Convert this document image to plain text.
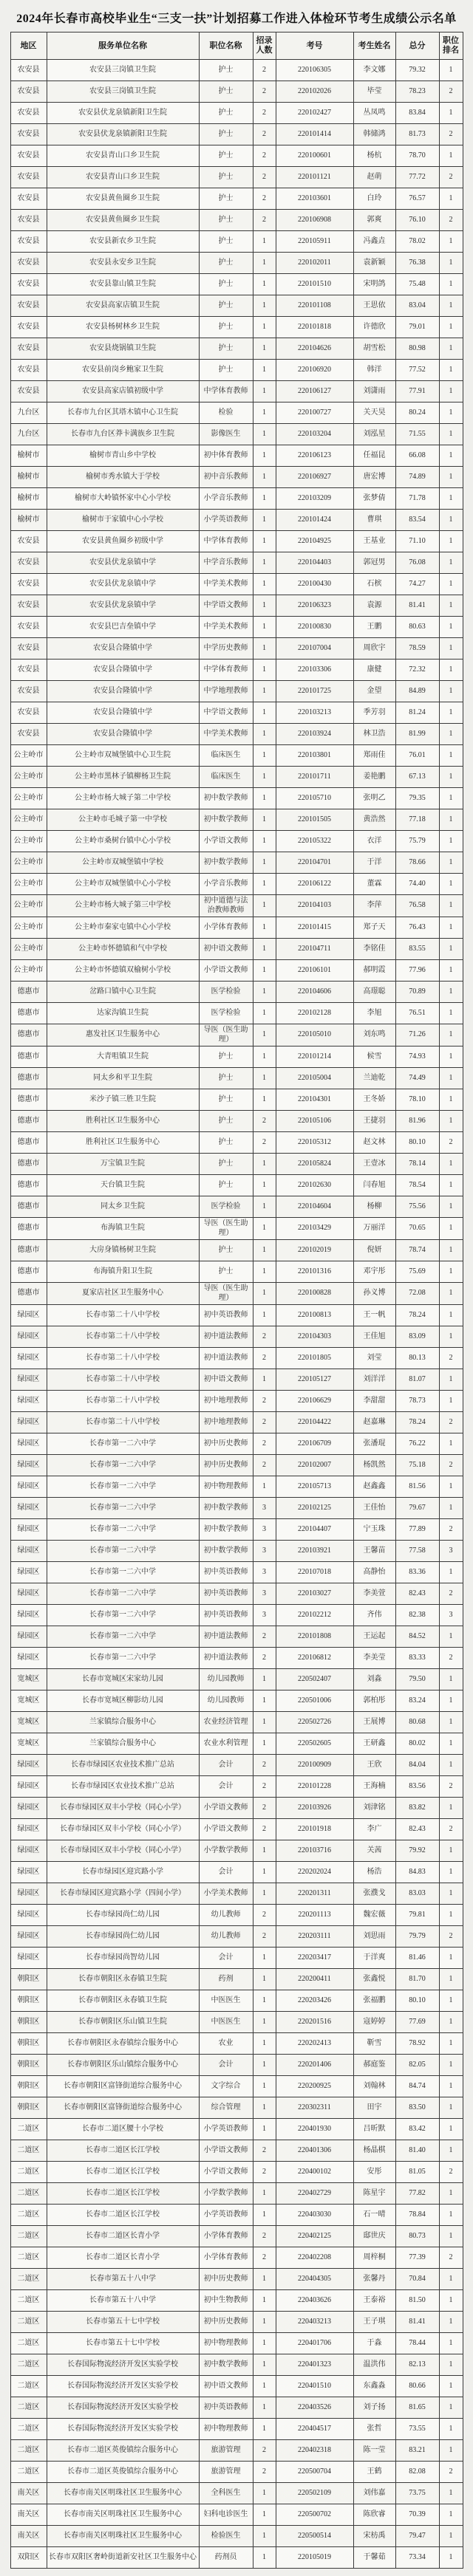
2024年长春市高校毕业生“三支一扶”计划招募工作进入体检环节考生成绩公示名单
地区	服务单位名称	职位名称	招录人数	考号	考生姓名	总分	职位排名
农安县	农安县三岗镇卫生院	护士	2	220106305	李文娜	79.32	1
农安县	农安县三岗镇卫生院	护士	2	220102026	毕莹	78.23	2
农安县	农安县伏龙泉镇新阳卫生院	护士	2	220102427	丛凤鸣	83.84	1
农安县	农安县伏龙泉镇新阳卫生院	护士	2	220101414	韩储鸿	81.73	2
农安县	农安县青山口乡卫生院	护士	2	220100601	杨杭	78.70	1
农安县	农安县青山口乡卫生院	护士	2	220101121	赵萌	77.72	2
农安县	农安县黄鱼圈乡卫生院	护士	2	220103601	白玲	76.57	1
农安县	农安县黄鱼圈乡卫生院	护士	2	220106908	郭爽	76.10	2
农安县	农安县新农乡卫生院	护士	1	220105911	冯鑫垚	78.02	1
农安县	农安县永安乡卫生院	护士	1	220102011	袁新颖	76.38	1
农安县	农安县靠山镇卫生院	护士	1	220101510	宋明鸽	75.48	1
农安县	农安县高家店镇卫生院	护士	1	220101108	王思依	83.04	1
农安县	农安县杨树林乡卫生院	护士	1	220101818	许德欣	79.01	1
农安县	农安县烧锅镇卫生院	护士	1	220104626	胡雪松	80.98	1
农安县	农安县前岗乡鲍家卫生院	护士	1	220106920	韩洋	77.52	1
农安县	农安县高家店镇初级中学	中学体育教师	1	220106127	刘潇雨	77.91	1
九台区	长春市九台区其塔木镇中心卫生院	检验	1	220100727	关天昊	80.24	1
九台区	长春市九台区莽卡满族乡卫生院	影像医生	1	220103204	刘泓星	71.55	1
榆树市	榆树市青山乡中学校	初中体育教师	1	220106123	任福昆	66.08	1
榆树市	榆树市秀水镇大于学校	初中音乐教师	1	220106927	唐宏博	74.89	1
榆树市	榆树市大岭镇怀家中心小学校	小学音乐教师	1	220103209	张梦倩	71.78	1
榆树市	榆树市于家镇中心小学校	小学英语教师	1	220101424	曹琪	83.54	1
农安县	农安县黄鱼圈乡初级中学	中学体育教师	1	220104925	王基业	71.10	1
农安县	农安县伏龙泉镇中学	中学音乐教师	1	220104403	郭冠男	76.08	1
农安县	农安县伏龙泉镇中学	中学美术教师	1	220100430	石槟	74.27	1
农安县	农安县伏龙泉镇中学	中学语文教师	1	220106323	袁源	81.41	1
农安县	农安县巴吉垒镇中学	中学美术教师	1	220100830	王鹏	80.63	1
农安县	农安县合隆镇中学	中学历史教师	1	220107004	周欣宇	78.59	1
农安县	农安县合隆镇中学	中学体育教师	1	220103306	康健	72.32	1
农安县	农安县合隆镇中学	中学地理教师	1	220101725	金望	84.89	1
农安县	农安县合隆镇中学	中学语文教师	1	220103213	季芳羽	81.24	1
农安县	农安县合隆镇中学	中学美术教师	1	220103924	林卫浩	81.99	1
公主岭市	公主岭市双城堡镇中心卫生院	临床医生	1	220103801	郑雨佳	76.01	1
公主岭市	公主岭市黑林子镇柳杨卫生院	临床医生	1	220101711	姜艳鹏	67.13	1
公主岭市	公主岭市杨大城子第二中学校	初中数学教师	1	220105710	张明乙	79.35	1
公主岭市	公主岭市毛城子第一中学校	初中数学教师	1	220101505	黄浩然	77.18	1
公主岭市	公主岭市桑树台镇中心小学校	小学语文教师	1	220105322	衣洋	75.79	1
公主岭市	公主岭市双城堡镇中学校	初中数学教师	1	220104701	于洋	78.66	1
公主岭市	公主岭市双城堡镇中心小学校	小学音乐教师	1	220106122	董霖	74.40	1
公主岭市	公主岭市杨大城子第三中学校	初中道德与法治教师教师	1	220104103	李萍	76.58	1
公主岭市	公主岭市秦家屯镇中心小学校	小学体育教师	1	220101415	郑子天	76.43	1
公主岭市	公主岭市怀德镇和气中学校	初中语文教师	1	220104711	李铭佳	83.55	1
公主岭市	公主岭市怀德镇双榆树小学校	小学语文教师	1	220106101	郝明霞	77.96	1
德惠市	岔路口镇中心卫生院	医学检验	1	220104606	高璟聪	70.89	1
德惠市	达家沟镇卫生院	医学检验	1	220102128	李旭	76.51	1
德惠市	惠发社区卫生服务中心	导医（医生助理）	1	220105010	刘东鸣	71.26	1
德惠市	大青咀镇卫生院	护士	1	220101214	候雪	74.93	1
德惠市	同太乡和平卫生院	护士	1	220105004	兰迪乾	74.49	1
德惠市	米沙子镇三胜卫生院	护士	1	220104301	王冬娇	78.10	1
德惠市	胜利社区卫生服务中心	护士	2	220105106	王捷羽	81.96	1
德惠市	胜利社区卫生服务中心	护士	2	220105312	赵文林	80.10	2
德惠市	万宝镇卫生院	护士	1	220105824	王壹冰	78.14	1
德惠市	天台镇卫生院	护士	1	220102630	闫春旭	78.54	1
德惠市	同太乡卫生院	医学检验	1	220104604	杨柳	75.56	1
德惠市	布海镇卫生院	导医（医生助理）	1	220103429	万丽洋	70.65	1
德惠市	大房身镇杨树卫生院	护士	1	220102019	倪妍	78.74	1
德惠市	布海镇升阳卫生院	护士	1	220101316	邓宇彤	75.69	1
德惠市	夏家店社区卫生服务中心	导医（医生助理）	1	220100828	孙义博	72.08	1
绿园区	长春市第二十八中学校	初中英语教师	1	220100813	王一帆	78.24	1
绿园区	长春市第二十八中学校	初中道法教师	2	220104303	王佳旭	83.09	1
绿园区	长春市第二十八中学校	初中道法教师	2	220101805	刘莹	80.13	2
绿园区	长春市第二十八中学校	初中语文教师	1	220105127	刘洋洋	81.07	1
绿园区	长春市第二十八中学校	初中地理教师	2	220106629	李甜甜	78.73	1
绿园区	长春市第二十八中学校	初中地理教师	2	220104422	赵嘉琳	78.24	2
绿园区	长春市第一二六中学	初中历史教师	2	220106709	张潘琨	76.22	1
绿园区	长春市第一二六中学	初中历史教师	2	220102007	杨凯然	75.18	2
绿园区	长春市第一二六中学	初中物理教师	1	220105713	赵鑫鑫	81.56	1
绿园区	长春市第一二六中学	初中数学教师	3	220102125	王佳怡	79.67	1
绿园区	长春市第一二六中学	初中数学教师	3	220104407	宁玉珠	77.89	2
绿园区	长春市第一二六中学	初中数学教师	3	220103921	王馨苗	77.58	3
绿园区	长春市第一二六中学	初中英语教师	3	220107018	高静怡	83.36	1
绿园区	长春市第一二六中学	初中英语教师	3	220103027	李美萱	82.43	2
绿园区	长春市第一二六中学	初中英语教师	3	220102212	齐伟	82.38	3
绿园区	长春市第一二六中学	初中道法教师	2	220101808	王运起	84.52	1
绿园区	长春市第一二六中学	初中道法教师	2	220106812	李美莹	83.33	2
宽城区	长春市宽城区宋家幼儿园	幼儿园教师	1	220502407	刘淼	79.50	1
宽城区	长春市宽城区柳影幼儿园	幼儿园教师	1	220501006	郭柏彤	83.24	1
宽城区	兰家镇综合服务中心	农业经济管理	1	220502726	王展博	80.68	1
宽城区	兰家镇综合服务中心	农业水利管理	1	220502605	王研鑫	80.02	1
绿园区	长春市绿园区农业技术推广总站	会计	2	220100909	王欣	84.04	1
绿园区	长春市绿园区农业技术推广总站	会计	2	220101228	王海楠	83.56	2
绿园区	长春市绿园区双丰小学校（同心小学）	小学语文教师	2	220103926	刘津铭	83.82	1
绿园区	长春市绿园区双丰小学校（同心小学）	小学语文教师	2	220101918	李广	82.43	2
绿园区	长春市绿园区双丰小学校（同心小学）	小学数学教师	1	220103716	关茜	79.92	1
绿园区	长春市绿园区迎宾路小学	会计	1	220202024	杨浩	84.83	1
绿园区	长春市绿园区迎宾路小学（四间小学）	小学美术教师	1	220201311	张濮戈	83.03	1
绿园区	长春市绿园尚仁幼儿园	幼儿教师	2	220201113	魏宏薇	79.81	1
绿园区	长春市绿园尚仁幼儿园	幼儿教师	2	220203111	刘思雨	79.79	2
绿园区	长春市绿园尚智幼儿园	会计	1	220203417	于洋爽	81.46	1
朝阳区	长春市朝阳区永春镇卫生院	药剂	1	220200411	张鑫悦	81.70	1
朝阳区	长春市朝阳区永春镇卫生院	中医医生	1	220203426	张福鹏	80.10	1
朝阳区	长春市朝阳区乐山镇卫生院	中医医生	1	220201516	寇婷婷	77.69	1
朝阳区	长春市朝阳区永春镇综合服务中心	农业	1	220202413	靳雪	78.92	1
朝阳区	长春市朝阳区乐山镇综合服务中心	会计	1	220201406	郝庭鉴	82.05	1
朝阳区	长春市朝阳区富锋街道综合服务中心	文字综合	1	220200925	刘翰林	84.74	1
朝阳区	长春市朝阳区富锋街道综合服务中心	综合管理	1	220302311	田宇	83.50	1
二道区	长春市二道区腰十小学校	小学英语教师	1	220401930	吕昕默	83.42	1
二道区	长春市二道区长江学校	小学语文教师	2	220401306	杨晶棋	81.40	1
二道区	长春市二道区长江学校	小学语文教师	2	220400102	安彤	81.05	2
二道区	长春市二道区长江学校	小学数学教师	1	220402729	陈星宇	77.82	1
二道区	长春市二道区长江学校	小学英语教师	1	220403030	石一晴	78.84	1
二道区	长春市二道区长青小学	小学体育教师	2	220402125	邸世庆	80.73	1
二道区	长春市二道区长青小学	小学体育教师	2	220402208	周梓桐	77.39	2
二道区	长春市第五十八中学	初中历史教师	1	220404305	张馨丹	70.84	1
二道区	长春市第五十八中学	初中生物教师	1	220403626	王泰裕	81.50	1
二道区	长春市第五十七中学校	初中历史教师	1	220403213	王子琪	81.41	1
二道区	长春市第五十七中学校	初中物理教师	1	220401706	于淼	78.44	1
二道区	长春国际物流经济开发区实验学校	初中数学教师	1	220401323	温洪伟	82.13	1
二道区	长春国际物流经济开发区实验学校	初中语文教师	1	220401510	东鑫淼	80.66	1
二道区	长春国际物流经济开发区实验学校	初中英语教师	1	220403526	刘子扬	81.65	1
二道区	长春国际物流经济开发区实验学校	初中物理教师	1	220404517	张哲	73.55	1
二道区	长春市二道区英俊镇综合服务中心	旅游管理	2	220402318	陈一莹	83.21	1
二道区	长春市二道区英俊镇综合服务中心	旅游管理	2	220500704	王鹤	82.08	2
南关区	长春市南关区明珠社区卫生服务中心	全科医生	1	220502109	刘伟嘉	73.75	1
南关区	长春市南关区明珠社区卫生服务中心	妇科电诊医生	1	220500702	陈欣睿	70.39	1
南关区	长春市南关区明珠社区卫生服务中心	检验医生	1	220500514	宋枋禹	79.47	1
双阳区	长春市双阳区奢岭街道新安社区卫生服务中心	药剂员	1	220105019	于馨茹	73.34	1
